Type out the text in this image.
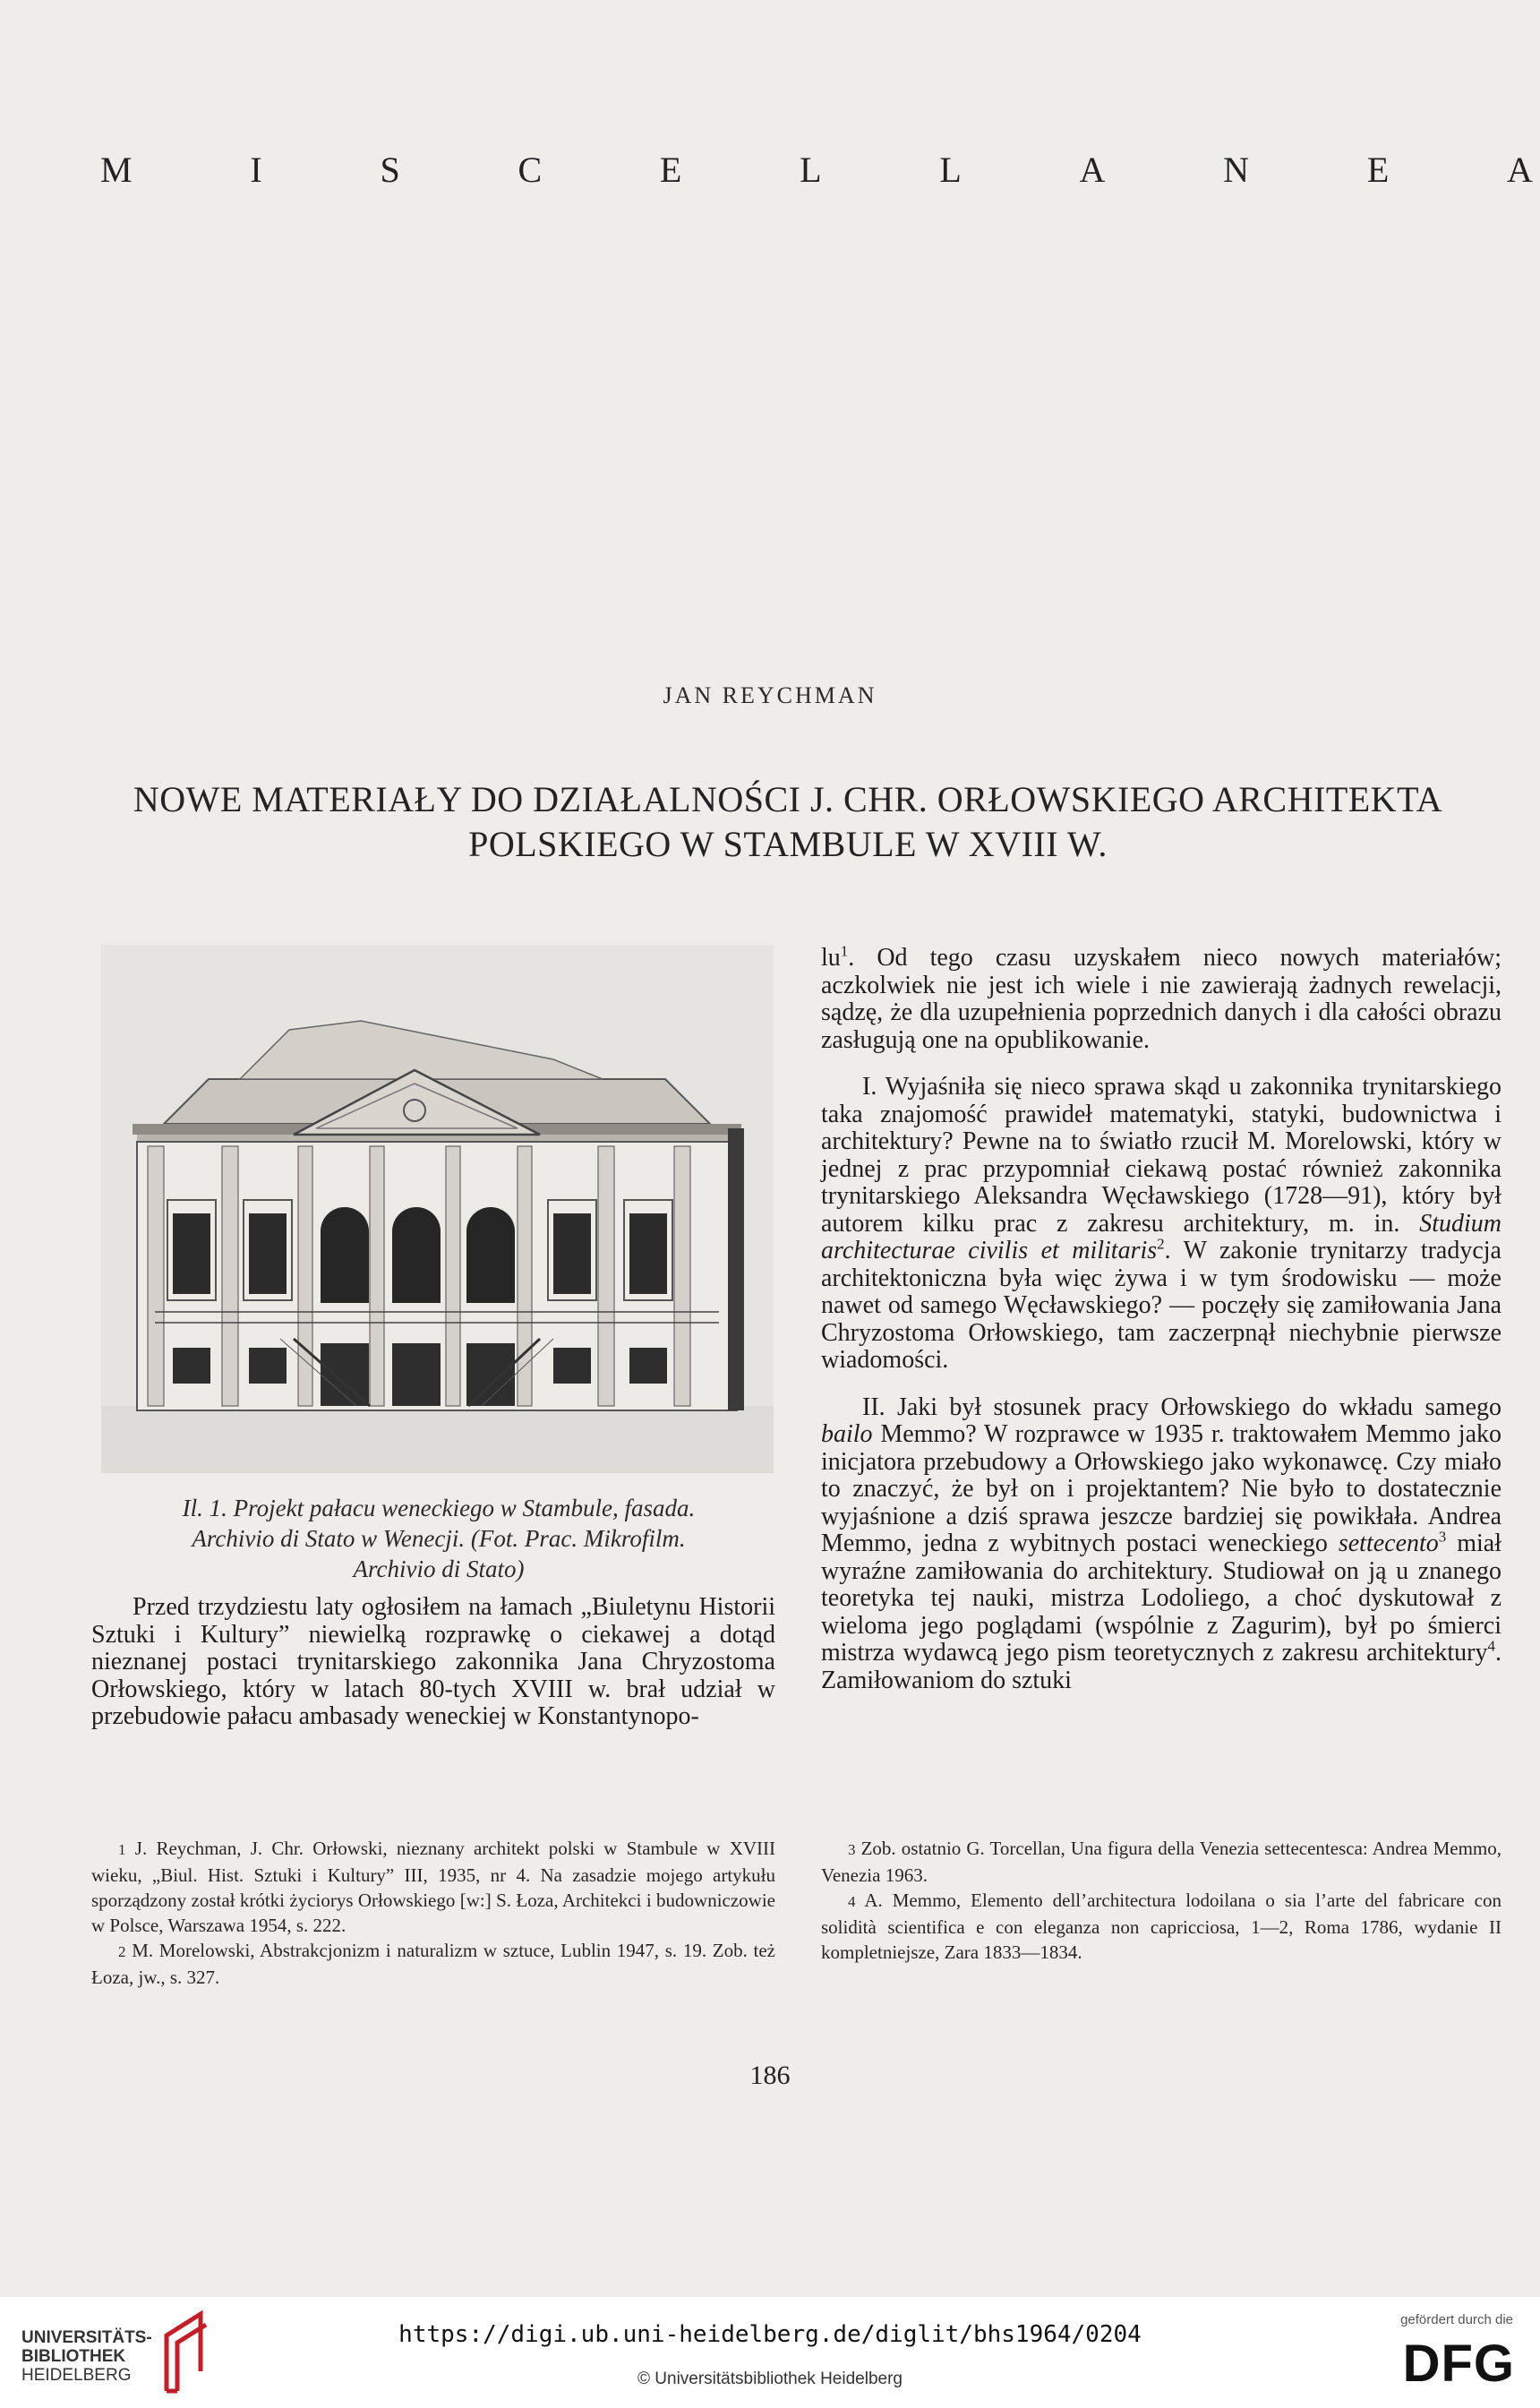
M	I	S	C	E	L	L	A	N	E	A
JAN REYCHMAN
NOWE MATERIAŁY DO DZIAŁALNOŚCI J. CHR. ORŁOWSKIEGO ARCHITEKTA
POLSKIEGO W STAMBULE W XVIII W.
Il. 1. Projekt pałacu weneckiego w Stambule, fasada.
Archivio di Stato w Wenecji. (Fot. Prac. Mikrofilm.
Archivio di Stato)
Przed trzydziestu laty ogłosiłem na łamach „Biuletynu Historii Sztuki i Kultury” niewielką rozprawkę o ciekawej a dotąd nieznanej postaci trynitarskiego zakonnika Jana Chryzostoma Orłowskiego, który w latach 80-tych XVIII w. brał udział w przebudowie pałacu ambasady weneckiej w Konstantynopo-

$lu^1$. Od tego czasu uzyskałem nieco nowych materiałów; aczkolwiek nie jest ich wiele i nie zawierają żadnych rewelacji, sądzę, że dla uzupełnienia poprzednich danych i dla całości obrazu zasługują one na opublikowanie.

I. Wyjaśniła się nieco sprawa skąd u zakonnika trynitarskiego taka znajomość prawideł matematyki, statyki, budownictwa i architektury? Pewne na to światło rzucił M. Morelowski, który w jednej z prac przypomniał ciekawą postać również zakonnika trynitarskiego Aleksandra Węcławskiego (1728—91), który był autorem kilku prac z zakresu architektury, m. in. Studium architecturae civilis et militaris$^2$. W zakonie trynitarzy tradycja architektoniczna była więc żywa i w tym środowisku — może nawet od samego Węcławskiego? — poczęły się zamiłowania Jana Chryzostoma Orłowskiego, tam zaczerpnął niechybnie pierwsze wiadomości.

II. Jaki był stosunek pracy Orłowskiego do wkładu samego bailo Memmo? W rozprawce w 1935 r. traktowałem Memmo jako inicjatora przebudowy a Orłowskiego jako wykonawcę. Czy miało to znaczyć, że był on i projektantem? Nie było to dostatecznie wyjaśnione a dziś sprawa jeszcze bardziej się powikłała. Andrea Memmo, jedna z wybitnych postaci weneckiego settecento$^3$ miał wyraźne zamiłowania do architektury. Studiował on ją u znanego teoretyka tej nauki, mistrza Lodoliego, a choć dyskutował z wieloma jego poglądami (wspólnie z Zagurim), był po śmierci mistrza wydawcą jego pism teoretycznych z zakresu architektury$^4$. Zamiłowaniom do sztuki

1 J. Reychman, J. Chr. Orłowski, nieznany architekt polski w Stambule w XVIII wieku, „Biul. Hist. Sztuki i Kultury” III, 1935, nr 4. Na zasadzie mojego artykułu sporządzony został krótki życiorys Orłowskiego [w:] S. Łoza, Architekci i budowniczowie w Polsce, Warszawa 1954, s. 222.

2 M. Morelowski, Abstrakcjonizm i naturalizm w sztuce, Lublin 1947, s. 19. Zob. też Łoza, jw., s. 327.

3 Zob. ostatnio G. Torcellan, Una figura della Venezia settecentesca: Andrea Memmo, Venezia 1963.

4 A. Memmo, Elemento dell’architectura lodoilana o sia l’arte del fabricare con solidità scientifica e con eleganza non capricciosa, 1—2, Roma 1786, wydanie II kompletniejsze, Zara 1833—1834.

186
UNIVERSITÄTS-
BIBLIOTHEK
HEIDELBERG
https://digi.ub.uni-heidelberg.de/diglit/bhs1964/0204
© Universitätsbibliothek Heidelberg
gefördert durch die
DFG
